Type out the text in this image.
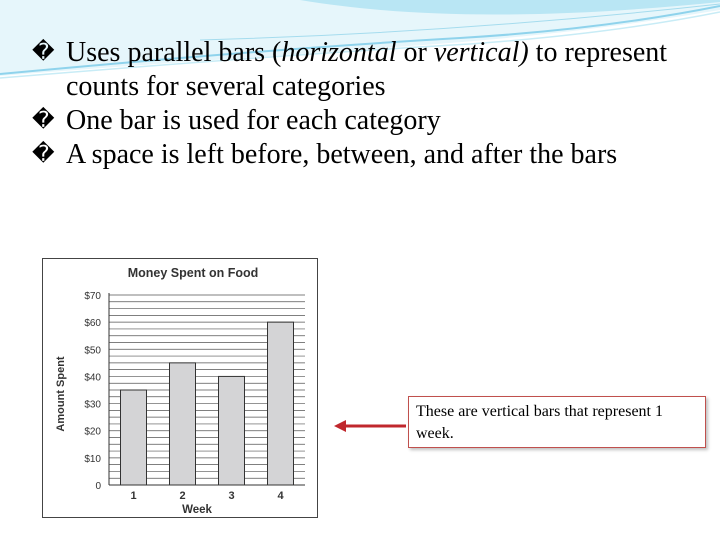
� Uses parallel bars (horizontal or vertical) to represent counts for several categories

� One bar is used for each category

� A space is left before, between, and after the bars

Money Spent on Food
0
$10
$20
$30
$40
$50
$60
$70
1	2	3	4
Week
Amount Spent	These are vertical bars that represent 1 week.
